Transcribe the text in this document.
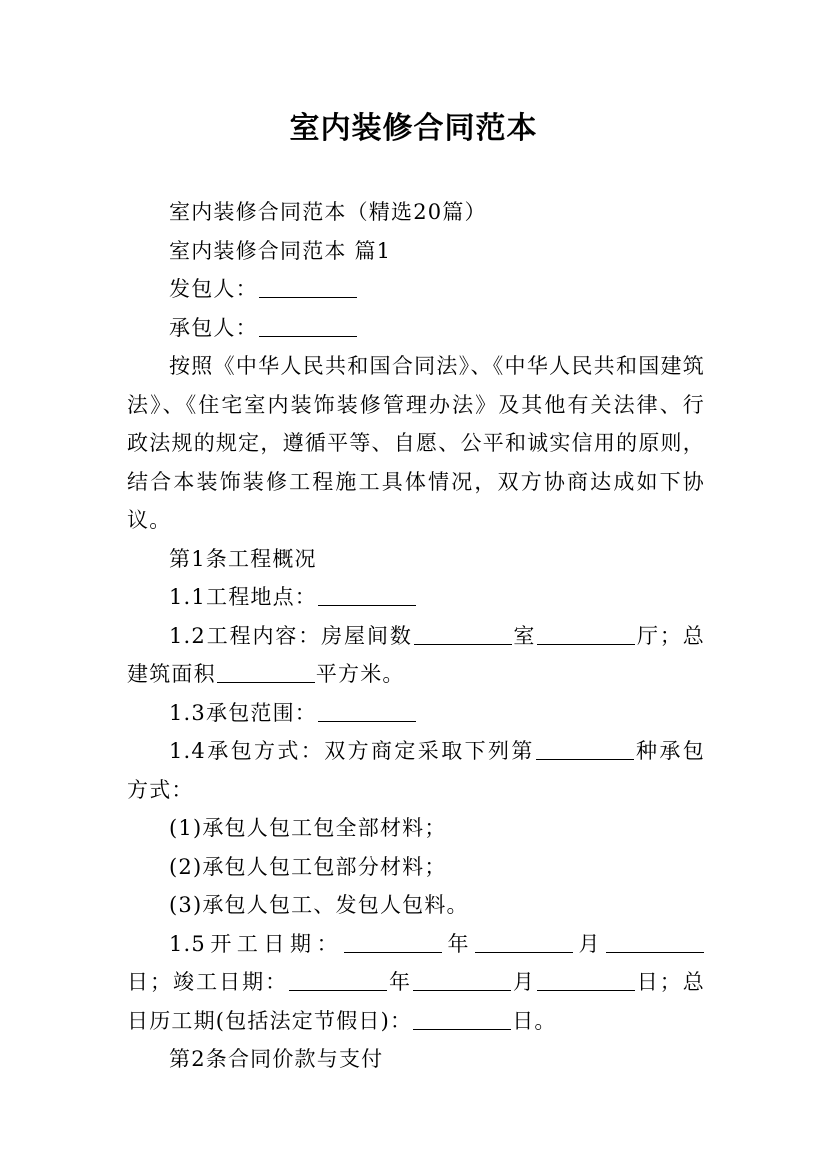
室内装修合同范本

室内装修合同范本（精选20篇）

室内装修合同范本 篇1

发包人：

承包人：

按照《中华人民共和国合同法》、《中华人民共和国建筑法》、《住宅室内装饰装修管理办法》及其他有关法律、行政法规的规定，遵循平等、自愿、公平和诚实信用的原则，结合本装饰装修工程施工具体情况，双方协商达成如下协议。

第1条工程概况

1.1工程地点：

1.2工程内容：房屋间数	室	厅；总建筑面积	平方米。

1.3承包范围：

1.4承包方式：双方商定采取下列第	种承包方式：

(1)承包人包工包全部材料；

(2)承包人包工包部分材料；

(3)承包人包工、发包人包料。

1.5开工日期：	年	月日；竣工日期：	年	月	日；总日历工期(包括法定节假日)：	日。

第2条合同价款与支付
